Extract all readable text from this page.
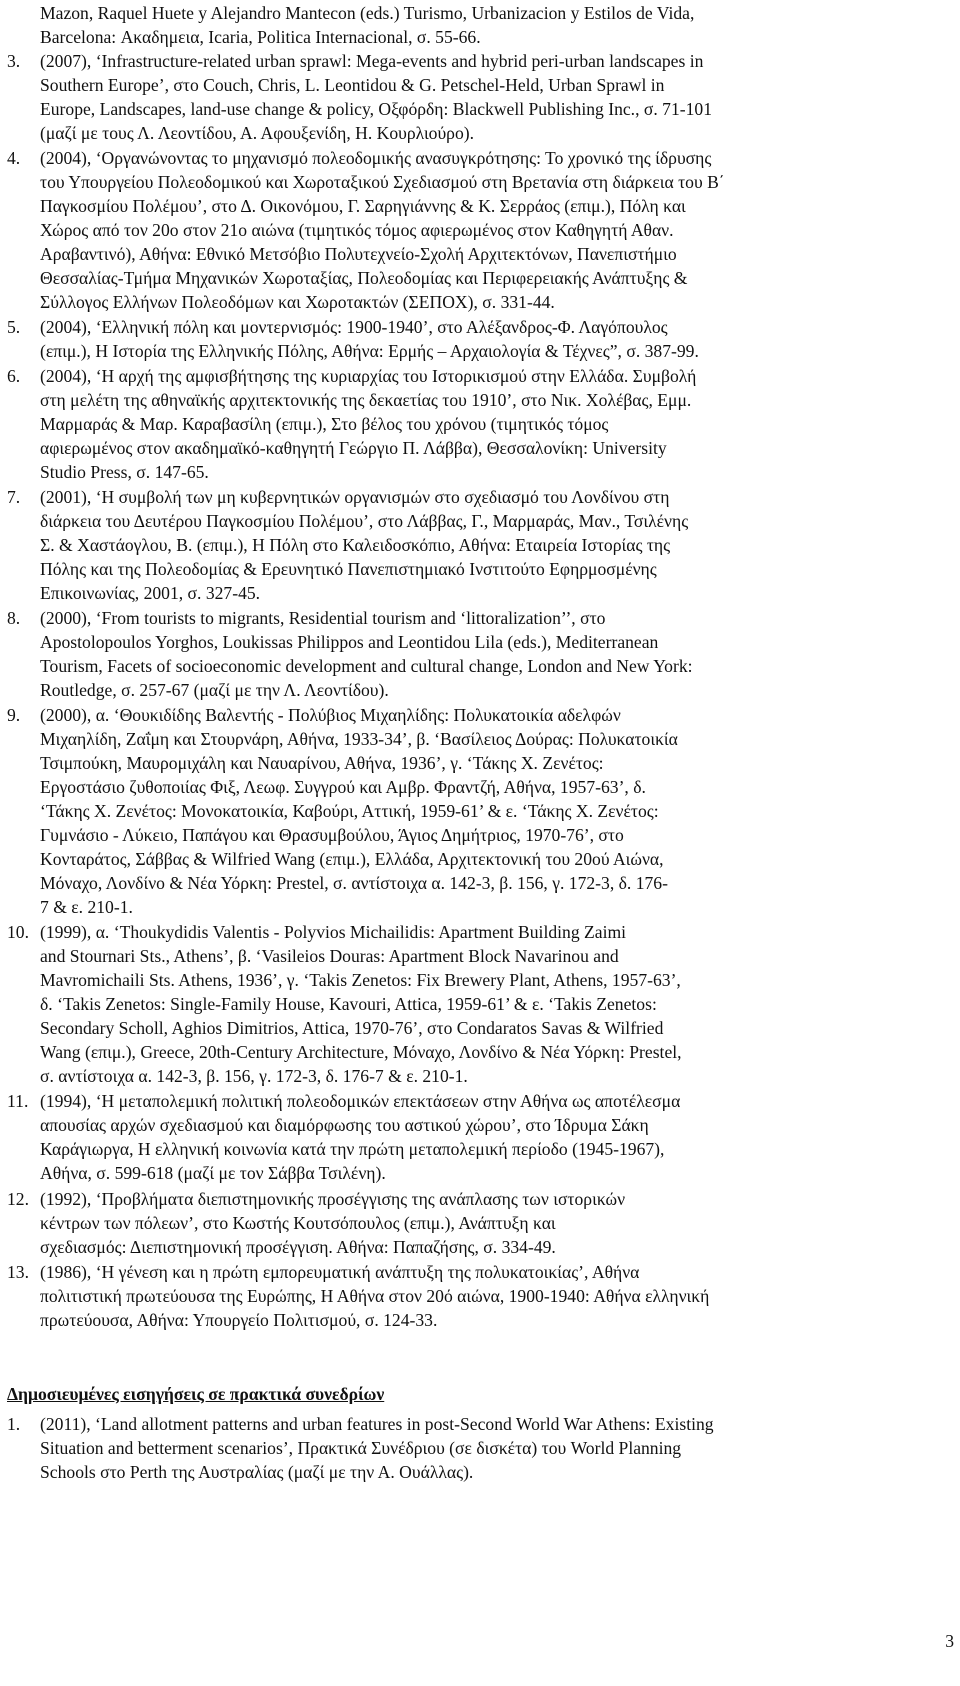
Mazon, Raquel Huete y Alejandro Mantecon (eds.) Turismo, Urbanizacion y Estilos de Vida,
Barcelona: Ακαδημεια, Icaria, Politica Internacional, σ. 55-66.
3. (2007), ‘Infrastructure-related urban sprawl: Mega-events and hybrid peri-urban landscapes in
Southern Europe’, στο Couch, Chris, L. Leontidou & G. Petschel-Held, Urban Sprawl in
Europe, Landscapes, land-use change & policy, Οξφόρδη: Blackwell Publishing Inc., σ. 71-101
(μαζί με τους Λ. Λεοντίδου, Α. Αφουξενίδη, Η. Κουρλιούρο).
4. (2004), ‘Οργανώνοντας το μηχανισμό πολεοδομικής ανασυγκρότησης: Το χρονικό της ίδρυσης
του Υπουργείου Πολεοδομικού και Χωροταξικού Σχεδιασμού στη Βρετανία στη διάρκεια του Β΄
Παγκοσμίου Πολέμου’, στο Δ. Οικονόμου, Γ. Σαρηγιάννης & Κ. Σερράος (επιμ.), Πόλη και
Χώρος από τον 20ο στον 21ο αιώνα (τιμητικός τόμος αφιερωμένος στον Καθηγητή Αθαν.
Αραβαντινό), Αθήνα: Εθνικό Μετσόβιο Πολυτεχνείο-Σχολή Αρχιτεκτόνων, Πανεπιστήμιο
Θεσσαλίας-Τμήμα Μηχανικών Χωροταξίας, Πολεοδομίας και Περιφερειακής Ανάπτυξης &
Σύλλογος Ελλήνων Πολεοδόμων και Χωροτακτών (ΣΕΠΟΧ), σ. 331-44.
5. (2004), ‘Ελληνική πόλη και μοντερνισμός: 1900-1940’, στο Αλέξανδρος-Φ. Λαγόπουλος
(επιμ.), Η Ιστορία της Ελληνικής Πόλης, Αθήνα: Ερμής – Αρχαιολογία & Τέχνες”, σ. 387-99.
6. (2004), ‘Η αρχή της αμφισβήτησης της κυριαρχίας του Ιστορικισμού στην Ελλάδα. Συμβολή
στη μελέτη της αθηναϊκής αρχιτεκτονικής της δεκαετίας του 1910’, στο Νικ. Χολέβας, Εμμ.
Μαρμαράς & Μαρ. Καραβασίλη (επιμ.), Στο βέλος του χρόνου (τιμητικός τόμος
αφιερωμένος στον ακαδημαϊκό-καθηγητή Γεώργιο Π. Λάββα), Θεσσαλονίκη: University
Studio Press, σ. 147-65.
7. (2001), ‘Η συμβολή των μη κυβερνητικών οργανισμών στο σχεδιασμό του Λονδίνου στη
διάρκεια του Δευτέρου Παγκοσμίου Πολέμου’, στο Λάββας, Γ., Μαρμαράς, Μαν., Τσιλένης
Σ. & Χαστάογλου, Β. (επιμ.), Η Πόλη στο Καλειδοσκόπιο, Αθήνα: Εταιρεία Ιστορίας της
Πόλης και της Πολεοδομίας & Ερευνητικό Πανεπιστημιακό Ινστιτούτο Εφηρμοσμένης
Επικοινωνίας, 2001, σ. 327-45.
8. (2000), ‘From tourists to migrants, Residential tourism and ‘littoralization’’, στο
Apostolopoulos Yorghos, Loukissas Philippos and Leontidou Lila (eds.), Mediterranean
Tourism, Facets of socioeconomic development and cultural change, London and New York:
Routledge, σ. 257-67 (μαζί με την Λ. Λεοντίδου).
9. (2000), α. ‘Θουκιδίδης Βαλεντής - Πολύβιος Μιχαηλίδης: Πολυκατοικία αδελφών
Μιχαηλίδη, Ζαΐμη και Στουρνάρη, Αθήνα, 1933-34’, β. ‘Βασίλειος Δούρας: Πολυκατοικία
Τσιμπούκη, Μαυρομιχάλη και Ναυαρίνου, Αθήνα, 1936’, γ. ‘Τάκης Χ. Ζενέτος:
Εργοστάσιο ζυθοποιίας Φιξ, Λεωφ. Συγγρού και Αμβρ. Φραντζή, Αθήνα, 1957-63’, δ.
‘Τάκης Χ. Ζενέτος: Μονοκατοικία, Καβούρι, Αττική, 1959-61’ & ε. ‘Τάκης Χ. Ζενέτος:
Γυμνάσιο - Λύκειο, Παπάγου και Θρασυμβούλου, Άγιος Δημήτριος, 1970-76’, στο
Κονταράτος, Σάββας & Wilfried Wang (επιμ.), Ελλάδα, Αρχιτεκτονική του 20ού Αιώνα,
Μόναχο, Λονδίνο & Νέα Υόρκη: Prestel, σ. αντίστοιχα α. 142-3, β. 156, γ. 172-3, δ. 176-
7 & ε. 210-1.
10. (1999), α. ‘Thoukydidis Valentis - Polyvios Michailidis: Apartment Building Zaimi
and Stournari Sts., Athens’, β. ‘Vasileios Douras: Apartment Block Navarinou and
Mavromichaili Sts. Athens, 1936’, γ. ‘Takis Zenetos: Fix Brewery Plant, Athens, 1957-63’,
δ. ‘Takis Zenetos: Single-Family House, Kavouri, Attica, 1959-61’ & ε. ‘Takis Zenetos:
Secondary Scholl, Aghios Dimitrios, Attica, 1970-76’, στο Condaratos Savas & Wilfried
Wang (επιμ.), Greece, 20th-Century Architecture, Μόναχο, Λονδίνο & Νέα Υόρκη: Prestel,
σ. αντίστοιχα α. 142-3, β. 156, γ. 172-3, δ. 176-7 & ε. 210-1.
11. (1994), ‘Η μεταπολεμική πολιτική πολεοδομικών επεκτάσεων στην Αθήνα ως αποτέλεσμα
απουσίας αρχών σχεδιασμού και διαμόρφωσης του αστικού χώρου’, στο Ίδρυμα Σάκη
Καράγιωργα, Η ελληνική κοινωνία κατά την πρώτη μεταπολεμική περίοδο (1945-1967),
Αθήνα, σ. 599-618 (μαζί με τον Σάββα Τσιλένη).
12. (1992), ‘Προβλήματα διεπιστημονικής προσέγγισης της ανάπλασης των ιστορικών
κέντρων των πόλεων’, στο Κωστής Κουτσόπουλος (επιμ.), Ανάπτυξη και
σχεδιασμός: Διεπιστημονική προσέγγιση. Αθήνα: Παπαζήσης, σ. 334-49.
13. (1986), ‘Η γένεση και η πρώτη εμπορευματική ανάπτυξη της πολυκατοικίας’, Αθήνα
πολιτιστική πρωτεύουσα της Ευρώπης, Η Αθήνα στον 20ό αιώνα, 1900-1940: Αθήνα ελληνική
πρωτεύουσα, Αθήνα: Υπουργείο Πολιτισμού, σ. 124-33.
Δημοσιευμένες εισηγήσεις σε πρακτικά συνεδρίων
1. (2011), ‘Land allotment patterns and urban features in post-Second World War Athens: Existing
Situation and betterment scenarios’, Πρακτικά Συνέδριου (σε δισκέτα) του World Planning
Schools στο Perth της Αυστραλίας (μαζί με την Α. Ουάλλας).
3
